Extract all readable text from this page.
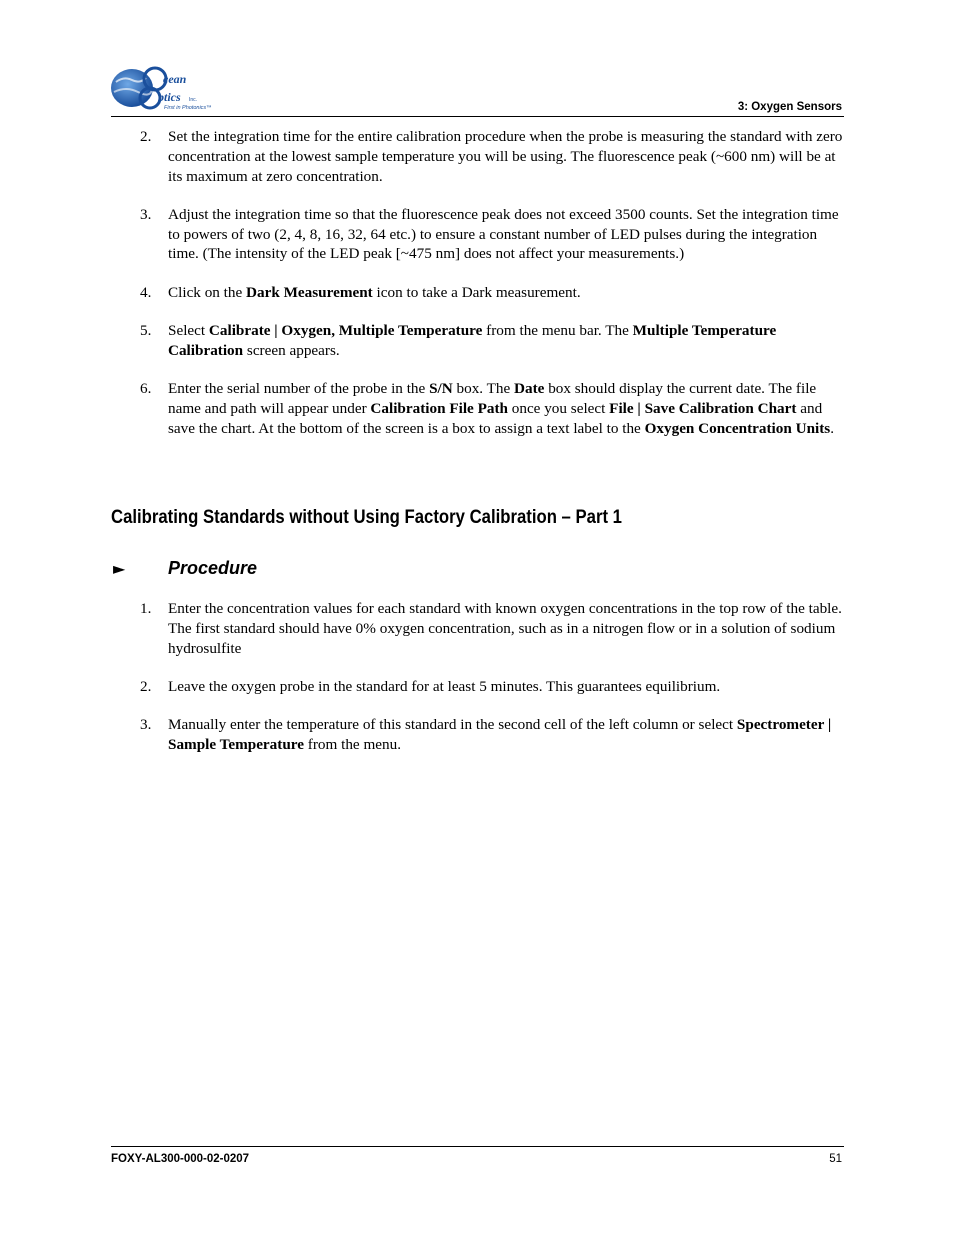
cean
ptics Inc.
First in Photonics™	3: Oxygen Sensors
2. Set the integration time for the entire calibration procedure when the probe is measuring the standard with zero concentration at the lowest sample temperature you will be using. The fluorescence peak (~600 nm) will be at its maximum at zero concentration.
3. Adjust the integration time so that the fluorescence peak does not exceed 3500 counts. Set the integration time to powers of two (2, 4, 8, 16, 32, 64 etc.) to ensure a constant number of LED pulses during the integration time. (The intensity of the LED peak [~475 nm] does not affect your measurements.)
4. Click on the Dark Measurement icon to take a Dark measurement.
5. Select Calibrate | Oxygen, Multiple Temperature from the menu bar. The Multiple Temperature Calibration screen appears.
6. Enter the serial number of the probe in the S/N box. The Date box should display the current date. The file name and path will appear under Calibration File Path once you select File | Save Calibration Chart and save the chart. At the bottom of the screen is a box to assign a text label to the Oxygen Concentration Units.
Calibrating Standards without Using Factory Calibration – Part 1
► Procedure
1. Enter the concentration values for each standard with known oxygen concentrations in the top row of the table. The first standard should have 0% oxygen concentration, such as in a nitrogen flow or in a solution of sodium hydrosulfite
2. Leave the oxygen probe in the standard for at least 5 minutes. This guarantees equilibrium.
3. Manually enter the temperature of this standard in the second cell of the left column or select Spectrometer | Sample Temperature from the menu.
FOXY-AL300-000-02-0207	51
